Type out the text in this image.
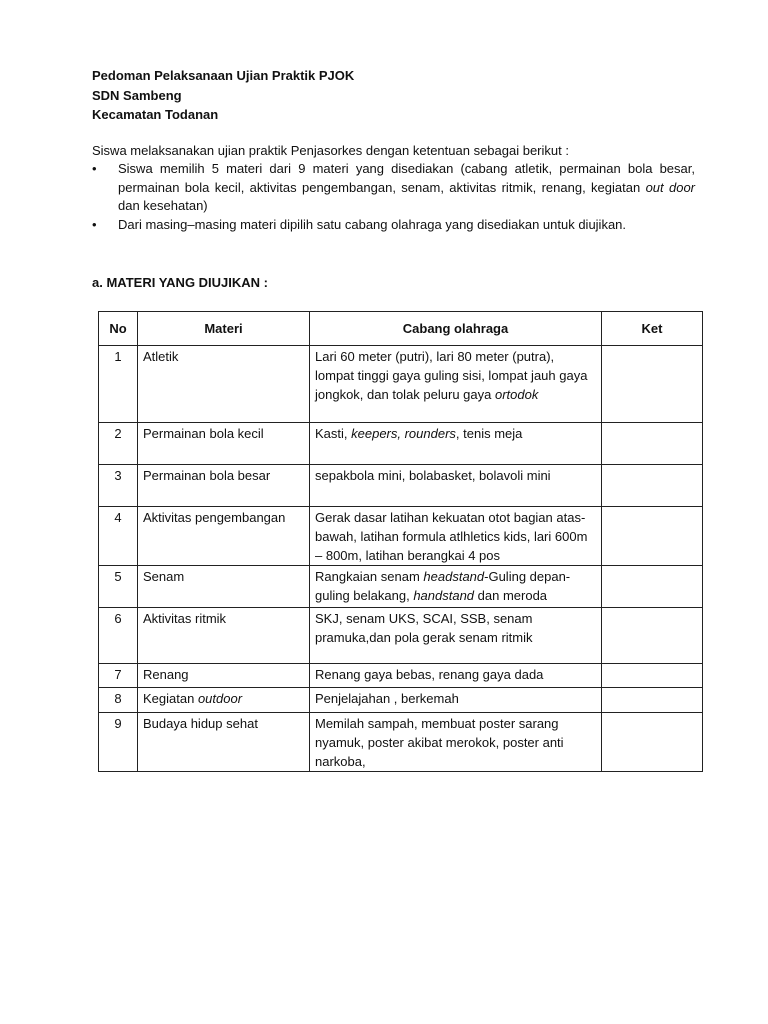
Pedoman Pelaksanaan Ujian Praktik PJOK
SDN Sambeng
Kecamatan Todanan
Siswa melaksanakan ujian praktik Penjasorkes dengan ketentuan sebagai berikut :
• Siswa memilih 5 materi dari 9 materi yang disediakan (cabang atletik, permainan bola besar, permainan bola kecil, aktivitas pengembangan, senam, aktivitas ritmik, renang, kegiatan out door dan kesehatan)
• Dari masing–masing materi dipilih satu cabang olahraga yang disediakan untuk diujikan.
a. MATERI YANG DIUJIKAN :
No	Materi	Cabang olahraga	Ket
1	Atletik	Lari 60 meter (putri), lari 80 meter (putra), lompat tinggi gaya guling sisi, lompat jauh gaya jongkok, dan tolak peluru gaya ortodok	
2	Permainan bola kecil	Kasti, keepers, rounders, tenis meja	
3	Permainan bola besar	sepakbola mini, bolabasket, bolavoli mini	
4	Aktivitas pengembangan	Gerak dasar latihan kekuatan otot bagian atas-bawah, latihan formula atlhletics kids, lari 600m – 800m, latihan berangkai 4 pos	
5	Senam	Rangkaian senam headstand-Guling depan-guling belakang, handstand dan meroda	
6	Aktivitas ritmik	SKJ, senam UKS, SCAI, SSB, senam pramuka,dan pola gerak senam ritmik	
7	Renang	Renang gaya bebas, renang gaya dada	
8	Kegiatan outdoor	Penjelajahan , berkemah	
9	Budaya hidup sehat	Memilah sampah, membuat poster sarang nyamuk, poster akibat merokok, poster anti narkoba,	
